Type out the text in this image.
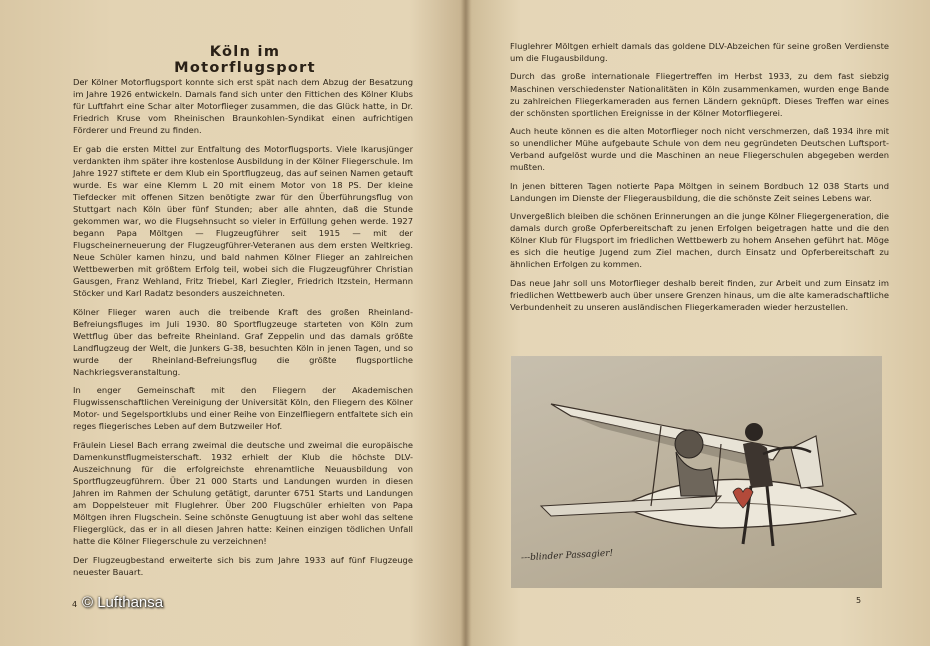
Köln im Motorflugsport

Der Kölner Motorflugsport konnte sich erst spät nach dem Abzug der Besatzung im Jahre 1926 entwickeln. Damals fand sich unter den Fittichen des Kölner Klubs für Luftfahrt eine Schar alter Motorflieger zusammen, die das Glück hatte, in Dr. Friedrich Kruse vom Rheinischen Braunkohlen-Syndikat einen aufrichtigen Förderer und Freund zu finden.

Er gab die ersten Mittel zur Entfaltung des Motorflugsports. Viele Ikarusjünger verdankten ihm später ihre kostenlose Ausbildung in der Kölner Fliegerschule. Im Jahre 1927 stiftete er dem Klub ein Sportflugzeug, das auf seinen Namen getauft wurde. Es war eine Klemm L 20 mit einem Motor von 18 PS. Der kleine Tiefdecker mit offenen Sitzen benötigte zwar für den Überführungsflug von Stuttgart nach Köln über fünf Stunden; aber alle ahnten, daß die Stunde gekommen war, wo die Flugsehnsucht so vieler in Erfüllung gehen werde. 1927 begann Papa Möltgen — Flugzeugführer seit 1915 — mit der Flugscheinerneuerung der Flugzeugführer-Veteranen aus dem ersten Weltkrieg. Neue Schüler kamen hinzu, und bald nahmen Kölner Flieger an zahlreichen Wettbewerben mit größtem Erfolg teil, wobei sich die Flugzeugführer Christian Gausgen, Franz Wehland, Fritz Triebel, Karl Ziegler, Friedrich Itzstein, Hermann Stöcker und Karl Radatz besonders auszeichneten.

Kölner Flieger waren auch die treibende Kraft des großen Rheinland-Befreiungsfluges im Juli 1930. 80 Sportflugzeuge starteten von Köln zum Wettflug über das befreite Rheinland. Graf Zeppelin und das damals größte Landflugzeug der Welt, die Junkers G-38, besuchten Köln in jenen Tagen, und so wurde der Rheinland-Befreiungsflug die größte flugsportliche Nachkriegsveranstaltung.

In enger Gemeinschaft mit den Fliegern der Akademischen Flugwissenschaftlichen Vereinigung der Universität Köln, den Fliegern des Kölner Motor- und Segelsportklubs und einer Reihe von Einzelfliegern entfaltete sich ein reges fliegerisches Leben auf dem Butzweiler Hof.

Fräulein Liesel Bach errang zweimal die deutsche und zweimal die europäische Damenkunstflugmeisterschaft. 1932 erhielt der Klub die höchste DLV-Auszeichnung für die erfolgreichste ehrenamtliche Neuausbildung von Sportflugzeugführern. Über 21 000 Starts und Landungen wurden in diesen Jahren im Rahmen der Schulung getätigt, darunter 6751 Starts und Landungen am Doppelsteuer mit Fluglehrer. Über 200 Flugschüler erhielten von Papa Möltgen ihren Flugschein. Seine schönste Genugtuung ist aber wohl das seltene Fliegerglück, das er in all diesen Jahren hatte: Keinen einzigen tödlichen Unfall hatte die Kölner Fliegerschule zu verzeichnen!

Der Flugzeugbestand erweiterte sich bis zum Jahre 1933 auf fünf Flugzeuge neuester Bauart.

4 © Lufthansa

Fluglehrer Möltgen erhielt damals das goldene DLV-Abzeichen für seine großen Verdienste um die Flugausbildung.

Durch das große internationale Fliegertreffen im Herbst 1933, zu dem fast siebzig Maschinen verschiedenster Nationalitäten in Köln zusammenkamen, wurden enge Bande zu zahlreichen Fliegerkameraden aus fernen Ländern geknüpft. Dieses Treffen war eines der schönsten sportlichen Ereignisse in der Kölner Motorfliegerei.

Auch heute können es die alten Motorflieger noch nicht verschmerzen, daß 1934 ihre mit so unendlicher Mühe aufgebaute Schule von dem neu gegründeten Deutschen Luftsport-Verband aufgelöst wurde und die Maschinen an neue Fliegerschulen abgegeben werden mußten.

In jenen bitteren Tagen notierte Papa Möltgen in seinem Bordbuch 12 038 Starts und Landungen im Dienste der Fliegerausbildung, die die schönste Zeit seines Lebens war.

Unvergeßlich bleiben die schönen Erinnerungen an die junge Kölner Fliegergeneration, die damals durch große Opferbereitschaft zu jenen Erfolgen beigetragen hatte und die den Kölner Klub für Flugsport im friedlichen Wettbewerb zu hohem Ansehen geführt hat. Möge es sich die heutige Jugend zum Ziel machen, durch Einsatz und Opferbereitschaft zu ähnlichen Erfolgen zu kommen.

Das neue Jahr soll uns Motorflieger deshalb bereit finden, zur Arbeit und zum Einsatz im friedlichen Wettbewerb auch über unsere Grenzen hinaus, um die alte kameradschaftliche Verbundenheit zu unseren ausländischen Fliegerkameraden wieder herzustellen.

---blinder Passagier!
5
